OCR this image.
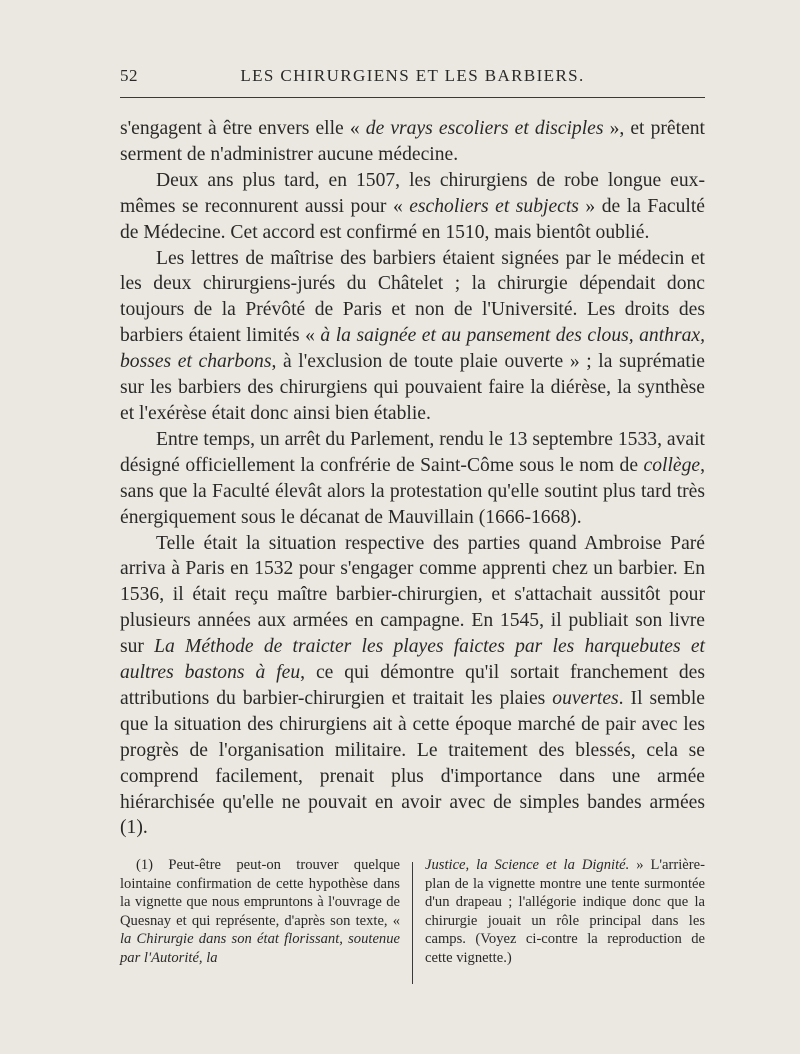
52	LES CHIRURGIENS ET LES BARBIERS.

s'engagent à être envers elle « de vrays escoliers et disciples », et prêtent serment de n'administrer aucune médecine.

Deux ans plus tard, en 1507, les chirurgiens de robe longue eux-mêmes se reconnurent aussi pour « escholiers et subjects » de la Faculté de Médecine. Cet accord est confirmé en 1510, mais bientôt oublié.

Les lettres de maîtrise des barbiers étaient signées par le médecin et les deux chirurgiens-jurés du Châtelet ; la chirurgie dépendait donc toujours de la Prévôté de Paris et non de l'Université. Les droits des barbiers étaient limités « à la saignée et au pansement des clous, anthrax, bosses et charbons, à l'exclusion de toute plaie ouverte » ; la suprématie sur les barbiers des chirurgiens qui pouvaient faire la diérèse, la synthèse et l'exérèse était donc ainsi bien établie.

Entre temps, un arrêt du Parlement, rendu le 13 septembre 1533, avait désigné officiellement la confrérie de Saint-Côme sous le nom de collège, sans que la Faculté élevât alors la protestation qu'elle soutint plus tard très énergiquement sous le décanat de Mauvillain (1666-1668).

Telle était la situation respective des parties quand Ambroise Paré arriva à Paris en 1532 pour s'engager comme apprenti chez un barbier. En 1536, il était reçu maître barbier-chirurgien, et s'attachait aussitôt pour plusieurs années aux armées en campagne. En 1545, il publiait son livre sur La Méthode de traicter les playes faictes par les harquebutes et aultres bastons à feu, ce qui démontre qu'il sortait franchement des attributions du barbier-chirurgien et traitait les plaies ouvertes. Il semble que la situation des chirurgiens ait à cette époque marché de pair avec les progrès de l'organisation militaire. Le traitement des blessés, cela se comprend facilement, prenait plus d'importance dans une armée hiérarchisée qu'elle ne pouvait en avoir avec de simples bandes armées (1).

(1) Peut-être peut-on trouver quelque lointaine confirmation de cette hypothèse dans la vignette que nous empruntons à l'ouvrage de Quesnay et qui représente, d'après son texte, « la Chirurgie dans son état florissant, soutenue par l'Autorité, la

Justice, la Science et la Dignité. » L'arrière-plan de la vignette montre une tente surmontée d'un drapeau ; l'allégorie indique donc que la chirurgie jouait un rôle principal dans les camps. (Voyez ci-contre la reproduction de cette vignette.)
